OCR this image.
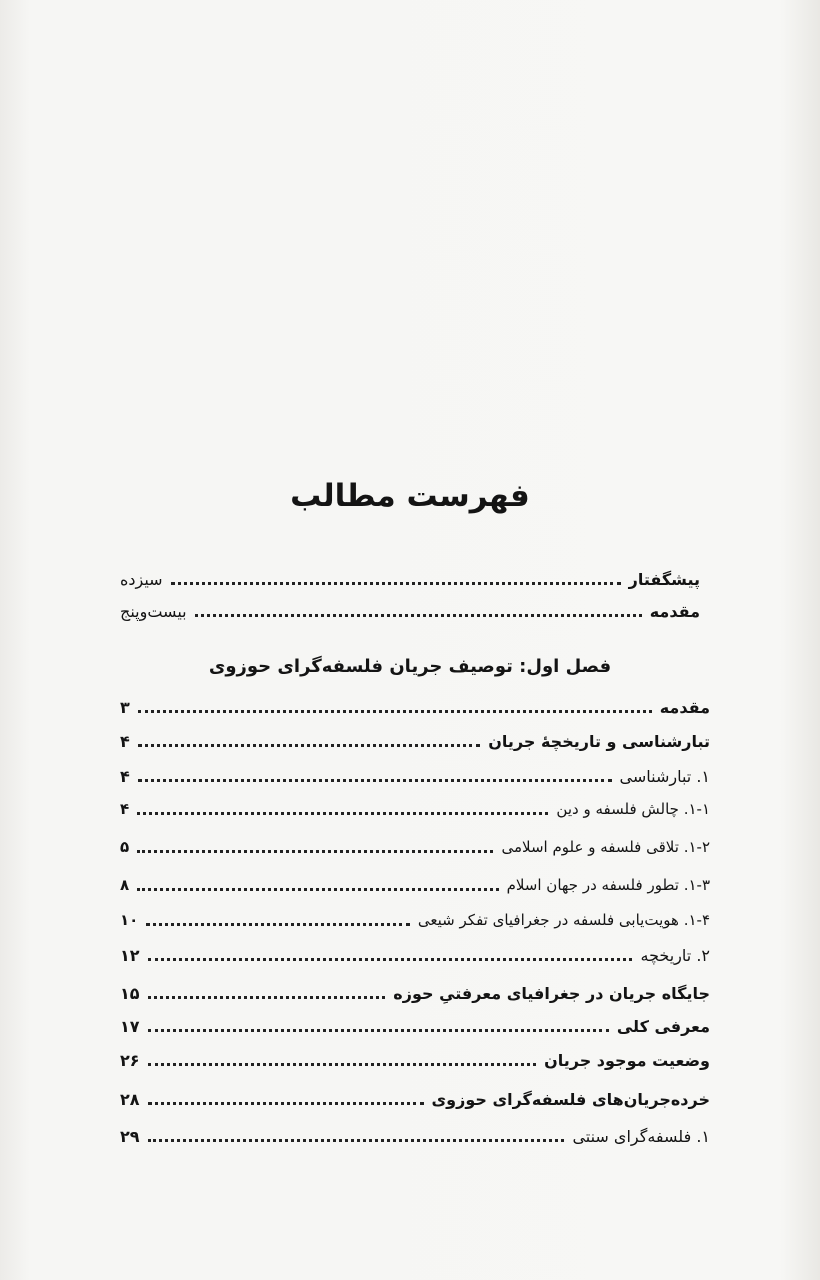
فهرست مطالب
پیشگفتار
سیزده
مقدمه
بیست‌وپنج
فصل اول: توصیف جریان فلسفه‌گرای حوزوی
مقدمه
۳
تبارشناسی و تاریخچهٔ جریان
۴
۱. تبارشناسی
۴
۱-۱. چالش فلسفه و دین
۴
۱-۲. تلاقی فلسفه و علوم اسلامی
۵
۱-۳. تطور فلسفه در جهان اسلام
۸
۱-۴. هویت‌یابی فلسفه در جغرافیای تفکر شیعی
۱۰
۲. تاریخچه
۱۲
جایگاه جریان در جغرافیای معرفتیِ حوزه
۱۵
معرفی کلی
۱۷
وضعیت موجود جریان
۲۶
خرده‌جریان‌های فلسفه‌گرای حوزوی
۲۸
۱. فلسفه‌گرای سنتی
۲۹
